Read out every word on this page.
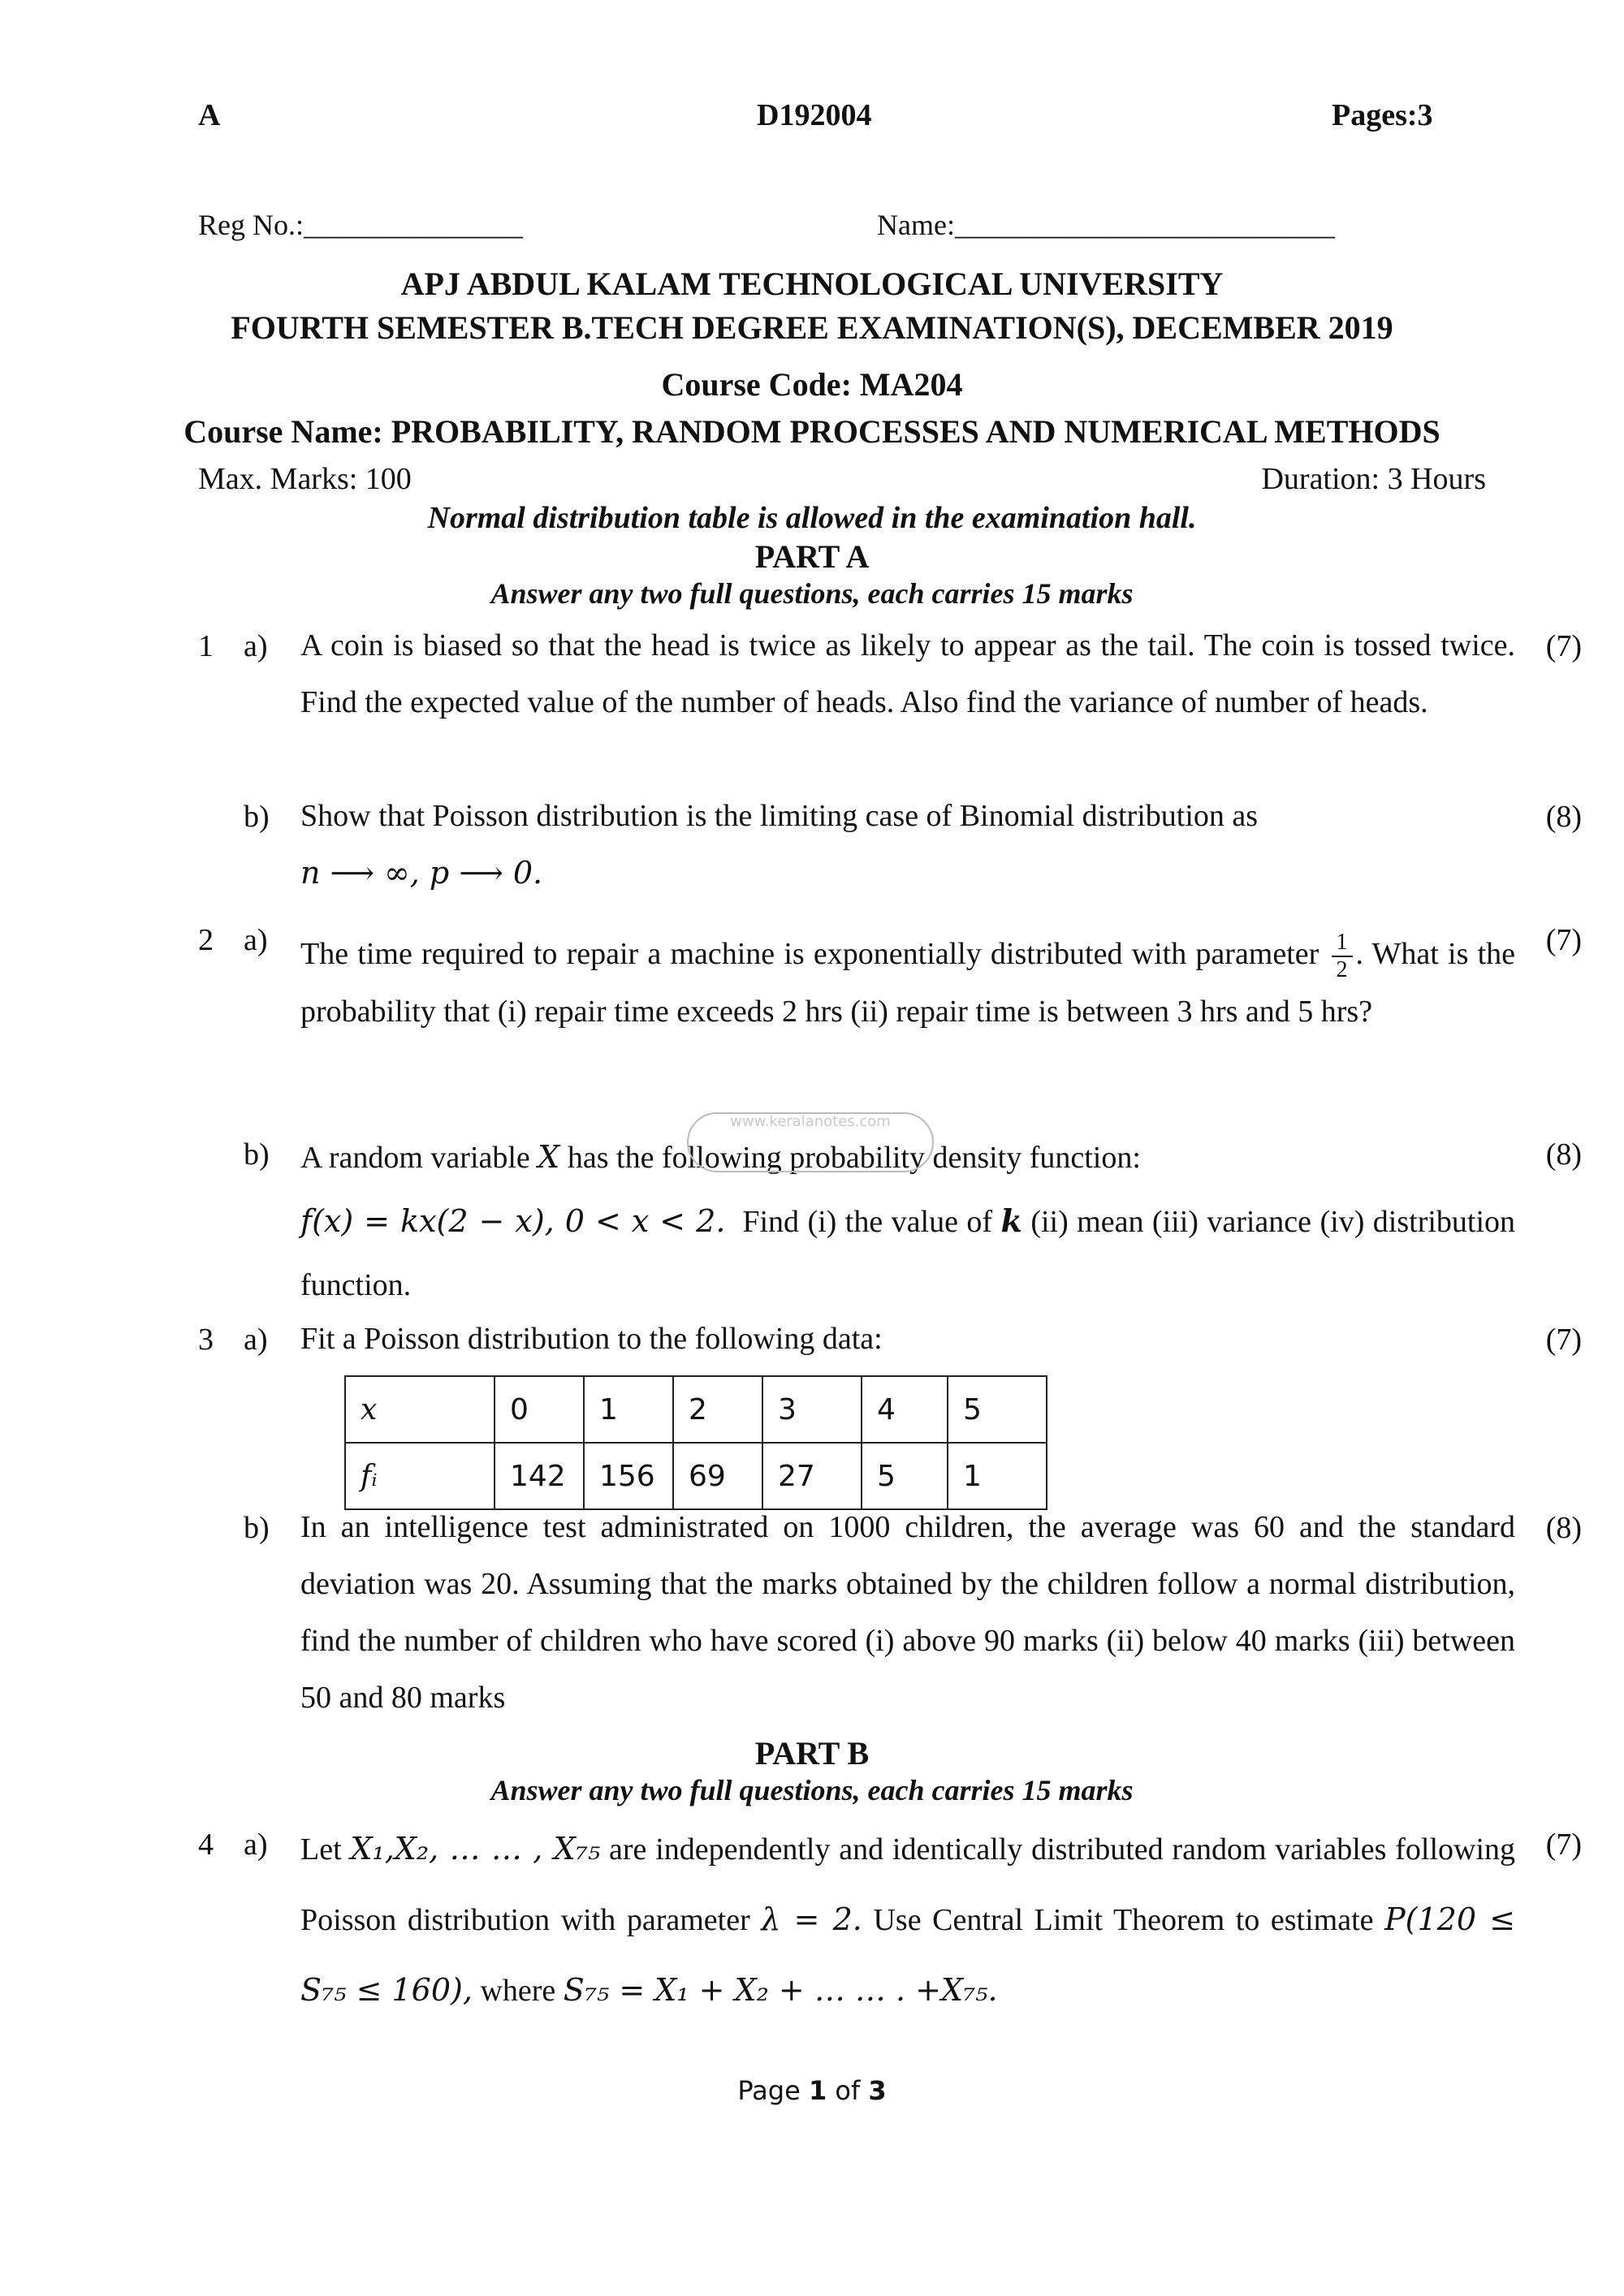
A	D192004	Pages:3
Reg No.:_______________	Name:__________________________
APJ ABDUL KALAM TECHNOLOGICAL UNIVERSITY
FOURTH SEMESTER B.TECH DEGREE EXAMINATION(S), DECEMBER 2019
Course Code: MA204
Course Name: PROBABILITY, RANDOM PROCESSES AND NUMERICAL METHODS
Max. Marks: 100	Duration: 3 Hours
Normal distribution table is allowed in the examination hall.
PART A
Answer any two full questions, each carries 15 marks
1 a) A coin is biased so that the head is twice as likely to appear as the tail. The coin is tossed twice. Find the expected value of the number of heads. Also find the variance of number of heads.
(7)
b) Show that Poisson distribution is the limiting case of Binomial distribution as
n ⟶ ∞, p ⟶ 0.
(8)
2 a) The time required to repair a machine is exponentially distributed with parameter $\frac{1}{2}$ . What is the probability that (i) repair time exceeds 2 hrs (ii) repair time is between 3 hrs and 5 hrs?
(7)
b) A random variable X has the following probability density function:
f(x) = kx(2 − x), 0 < x < 2. Find (i) the value of k (ii) mean (iii) variance (iv) distribution function.
(8)
www.keralanotes.com
3 a) Fit a Poisson distribution to the following data:	(7)
x	0	1	2	3	4	5
fᵢ	142	156	69	27	5	1
b) In an intelligence test administrated on 1000 children, the average was 60 and the standard deviation was 20. Assuming that the marks obtained by the children follow a normal distribution, find the number of children who have scored (i) above 90 marks (ii) below 40 marks (iii) between 50 and 80 marks
(8)
PART B
Answer any two full questions, each carries 15 marks
4 a) Let X₁,X₂, … … , X₇₅ are independently and identically distributed random variables following Poisson distribution with parameter λ = 2. Use Central Limit Theorem to estimate P(120 ≤ S₇₅ ≤ 160), where S₇₅ = X₁ + X₂ + … … . +X₇₅.
(7)
Page 1 of 3
